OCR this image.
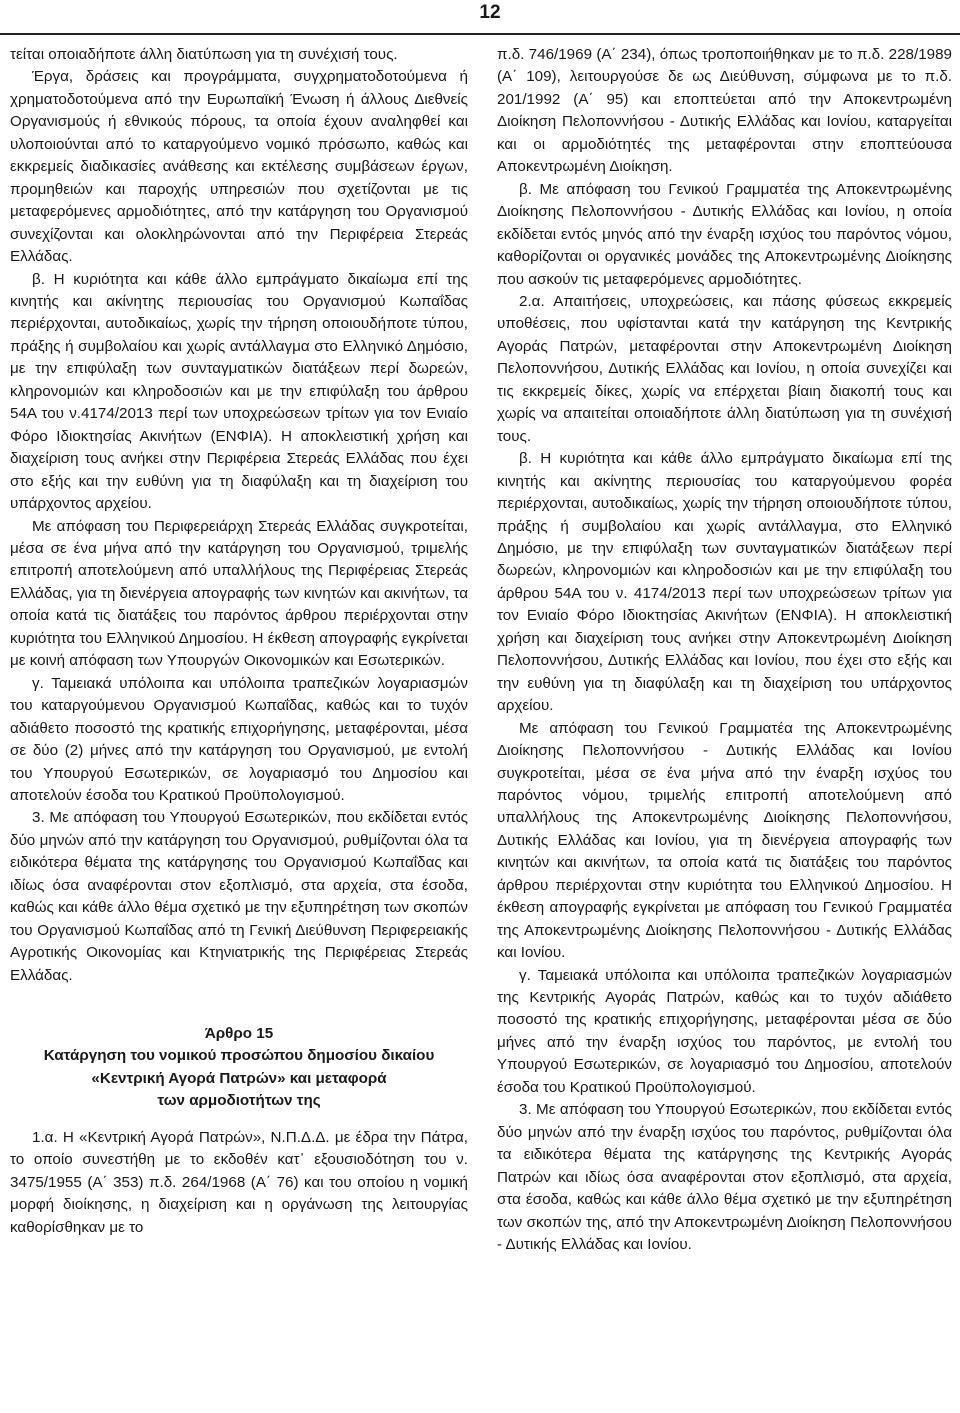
12

τείται οποιαδήποτε άλλη διατύπωση για τη συνέχισή τους.

Έργα, δράσεις και προγράμματα, συγχρηματοδοτούμενα ή χρηματοδοτούμενα από την Ευρωπαϊκή Ένωση ή άλλους Διεθνείς Οργανισμούς ή εθνικούς πόρους, τα οποία έχουν αναληφθεί και υλοποιούνται από το καταργούμενο νομικό πρόσωπο, καθώς και εκκρεμείς διαδικασίες ανάθεσης και εκτέλεσης συμβάσεων έργων, προμηθειών και παροχής υπηρεσιών που σχετίζονται με τις μεταφερόμενες αρμοδιότητες, από την κατάργηση του Οργανισμού συνεχίζονται και ολοκληρώνονται από την Περιφέρεια Στερεάς Ελλάδας.

β. Η κυριότητα και κάθε άλλο εμπράγματο δικαίωμα επί της κινητής και ακίνητης περιουσίας του Οργανισμού Κωπαΐδας περιέρχονται, αυτοδικαίως, χωρίς την τήρηση οποιουδήποτε τύπου, πράξης ή συμβολαίου και χωρίς αντάλλαγμα στο Ελληνικό Δημόσιο, με την επιφύλαξη των συνταγματικών διατάξεων περί δωρεών, κληρονομιών και κληροδοσιών και με την επιφύλαξη του άρθρου 54Α του ν.4174/2013 περί των υποχρεώσεων τρίτων για τον Ενιαίο Φόρο Ιδιοκτησίας Ακινήτων (ΕΝΦΙΑ). Η αποκλειστική χρήση και διαχείριση τους ανήκει στην Περιφέρεια Στερεάς Ελλάδας που έχει στο εξής και την ευθύνη για τη διαφύλαξη και τη διαχείριση του υπάρχοντος αρχείου.

Με απόφαση του Περιφερειάρχη Στερεάς Ελλάδας συγκροτείται, μέσα σε ένα μήνα από την κατάργηση του Οργανισμού, τριμελής επιτροπή αποτελούμενη από υπαλλήλους της Περιφέρειας Στερεάς Ελλάδας, για τη διενέργεια απογραφής των κινητών και ακινήτων, τα οποία κατά τις διατάξεις του παρόντος άρθρου περιέρχονται στην κυριότητα του Ελληνικού Δημοσίου. Η έκθεση απογραφής εγκρίνεται με κοινή απόφαση των Υπουργών Οικονομικών και Εσωτερικών.

γ. Ταμειακά υπόλοιπα και υπόλοιπα τραπεζικών λογαριασμών του καταργούμενου Οργανισμού Κωπαΐδας, καθώς και το τυχόν αδιάθετο ποσοστό της κρατικής επιχορήγησης, μεταφέρονται, μέσα σε δύο (2) μήνες από την κατάργηση του Οργανισμού, με εντολή του Υπουργού Εσωτερικών, σε λογαριασμό του Δημοσίου και αποτελούν έσοδα του Κρατικού Προϋπολογισμού.

3. Με απόφαση του Υπουργού Εσωτερικών, που εκδίδεται εντός δύο μηνών από την κατάργηση του Οργανισμού, ρυθμίζονται όλα τα ειδικότερα θέματα της κατάργησης του Οργανισμού Κωπαΐδας και ιδίως όσα αναφέρονται στον εξοπλισμό, στα αρχεία, στα έσοδα, καθώς και κάθε άλλο θέμα σχετικό με την εξυπηρέτηση των σκοπών του Οργανισμού Κωπαΐδας από τη Γενική Διεύθυνση Περιφερειακής Αγροτικής Οικονομίας και Κτηνιατρικής της Περιφέρειας Στερεάς Ελλάδας.

Άρθρο 15
Κατάργηση του νομικού προσώπου δημοσίου δικαίου
«Κεντρική Αγορά Πατρών» και μεταφορά
των αρμοδιοτήτων της

1.α. Η «Κεντρική Αγορά Πατρών», Ν.Π.Δ.Δ. με έδρα την Πάτρα, το οποίο συνεστήθη με το εκδοθέν κατ᾽ εξουσιοδότηση του ν. 3475/1955 (Α΄ 353) π.δ. 264/1968 (Α΄ 76) και του οποίου η νομική μορφή διοίκησης, η διαχείριση και η οργάνωση της λειτουργίας καθορίσθηκαν με το

π.δ. 746/1969 (Α΄ 234), όπως τροποποιήθηκαν με το π.δ. 228/1989 (Α΄ 109), λειτουργούσε δε ως Διεύθυνση, σύμφωνα με το π.δ. 201/1992 (Α΄ 95) και εποπτεύεται από την Αποκεντρωμένη Διοίκηση Πελοποννήσου - Δυτικής Ελλάδας και Ιονίου, καταργείται και οι αρμοδιότητές της μεταφέρονται στην εποπτεύουσα Αποκεντρωμένη Διοίκηση.

β. Με απόφαση του Γενικού Γραμματέα της Αποκεντρωμένης Διοίκησης Πελοποννήσου - Δυτικής Ελλάδας και Ιονίου, η οποία εκδίδεται εντός μηνός από την έναρξη ισχύος του παρόντος νόμου, καθορίζονται οι οργανικές μονάδες της Αποκεντρωμένης Διοίκησης που ασκούν τις μεταφερόμενες αρμοδιότητες.

2.α. Απαιτήσεις, υποχρεώσεις, και πάσης φύσεως εκκρεμείς υποθέσεις, που υφίστανται κατά την κατάργηση της Κεντρικής Αγοράς Πατρών, μεταφέρονται στην Αποκεντρωμένη Διοίκηση Πελοποννήσου, Δυτικής Ελλάδας και Ιονίου, η οποία συνεχίζει και τις εκκρεμείς δίκες, χωρίς να επέρχεται βίαιη διακοπή τους και χωρίς να απαιτείται οποιαδήποτε άλλη διατύπωση για τη συνέχισή τους.

β. Η κυριότητα και κάθε άλλο εμπράγματο δικαίωμα επί της κινητής και ακίνητης περιουσίας του καταργούμενου φορέα περιέρχονται, αυτοδικαίως, χωρίς την τήρηση οποιουδήποτε τύπου, πράξης ή συμβολαίου και χωρίς αντάλλαγμα, στο Ελληνικό Δημόσιο, με την επιφύλαξη των συνταγματικών διατάξεων περί δωρεών, κληρονομιών και κληροδοσιών και με την επιφύλαξη του άρθρου 54Α του ν. 4174/2013 περί των υποχρεώσεων τρίτων για τον Ενιαίο Φόρο Ιδιοκτησίας Ακινήτων (ΕΝΦΙΑ). Η αποκλειστική χρήση και διαχείριση τους ανήκει στην Αποκεντρωμένη Διοίκηση Πελοποννήσου, Δυτικής Ελλάδας και Ιονίου, που έχει στο εξής και την ευθύνη για τη διαφύλαξη και τη διαχείριση του υπάρχοντος αρχείου.

Με απόφαση του Γενικού Γραμματέα της Αποκεντρωμένης Διοίκησης Πελοποννήσου - Δυτικής Ελλάδας και Ιονίου συγκροτείται, μέσα σε ένα μήνα από την έναρξη ισχύος του παρόντος νόμου, τριμελής επιτροπή αποτελούμενη από υπαλλήλους της Αποκεντρωμένης Διοίκησης Πελοποννήσου, Δυτικής Ελλάδας και Ιονίου, για τη διενέργεια απογραφής των κινητών και ακινήτων, τα οποία κατά τις διατάξεις του παρόντος άρθρου περιέρχονται στην κυριότητα του Ελληνικού Δημοσίου. Η έκθεση απογραφής εγκρίνεται με απόφαση του Γενικού Γραμματέα της Αποκεντρωμένης Διοίκησης Πελοποννήσου - Δυτικής Ελλάδας και Ιονίου.

γ. Ταμειακά υπόλοιπα και υπόλοιπα τραπεζικών λογαριασμών της Κεντρικής Αγοράς Πατρών, καθώς και το τυχόν αδιάθετο ποσοστό της κρατικής επιχορήγησης, μεταφέρονται μέσα σε δύο μήνες από την έναρξη ισχύος του παρόντος, με εντολή του Υπουργού Εσωτερικών, σε λογαριασμό του Δημοσίου, αποτελούν έσοδα του Κρατικού Προϋπολογισμού.

3. Με απόφαση του Υπουργού Εσωτερικών, που εκδίδεται εντός δύο μηνών από την έναρξη ισχύος του παρόντος, ρυθμίζονται όλα τα ειδικότερα θέματα της κατάργησης της Κεντρικής Αγοράς Πατρών και ιδίως όσα αναφέρονται στον εξοπλισμό, στα αρχεία, στα έσοδα, καθώς και κάθε άλλο θέμα σχετικό με την εξυπηρέτηση των σκοπών της, από την Αποκεντρωμένη Διοίκηση Πελοποννήσου - Δυτικής Ελλάδας και Ιονίου.
